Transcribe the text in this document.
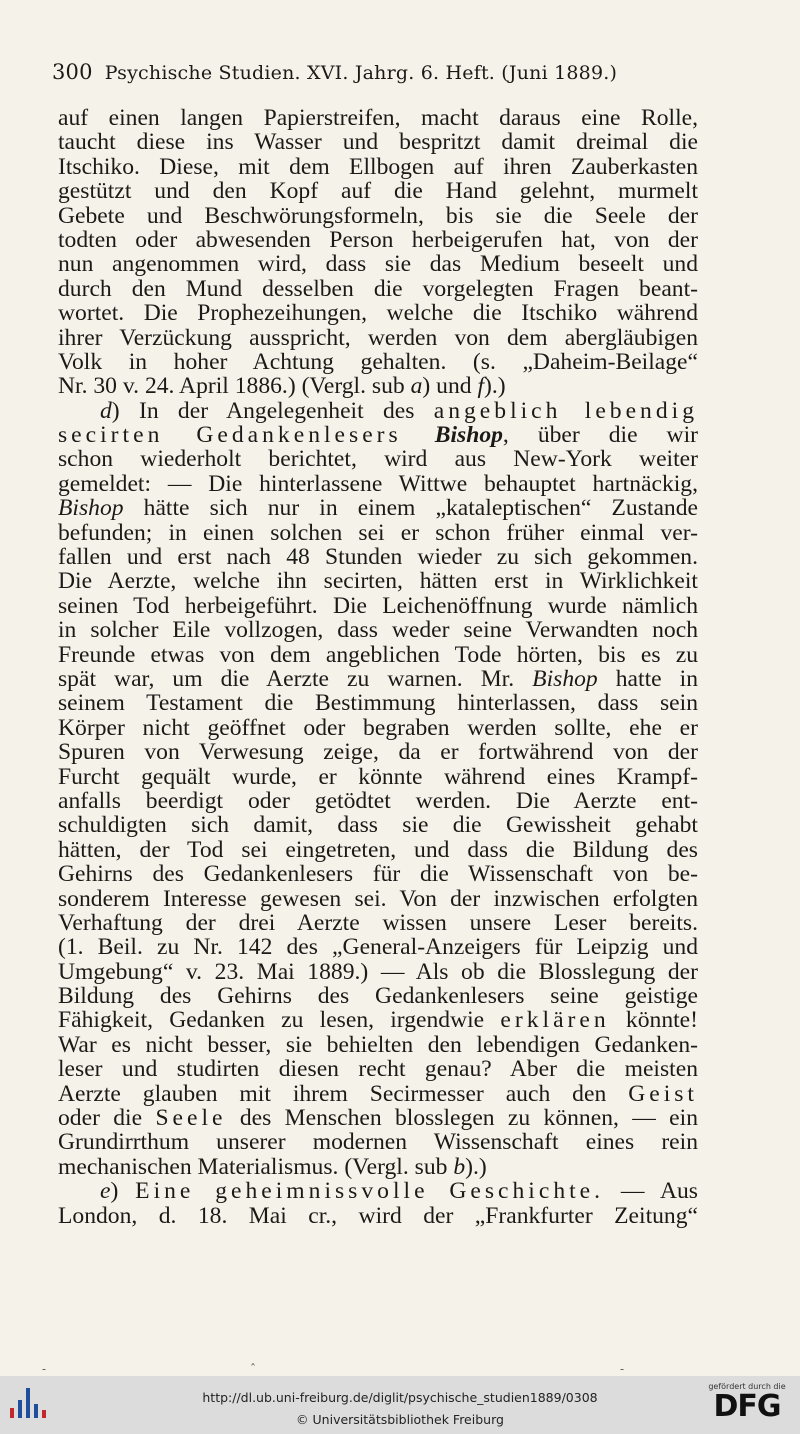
300 Psychische Studien. XVI. Jahrg. 6. Heft. (Juni 1889.)
auf einen langen Papierstreifen, macht daraus eine Rolle,
taucht diese ins Wasser und bespritzt damit dreimal die
Itschiko. Diese, mit dem Ellbogen auf ihren Zauberkasten
gestützt und den Kopf auf die Hand gelehnt, murmelt
Gebete und Beschwörungsformeln, bis sie die Seele der
todten oder abwesenden Person herbeigerufen hat, von der
nun angenommen wird, dass sie das Medium beseelt und
durch den Mund desselben die vorgelegten Fragen beant-
wortet. Die Prophezeihungen, welche die Itschiko während
ihrer Verzückung ausspricht, werden von dem abergläubigen
Volk in hoher Achtung gehalten. (s. „Daheim-Beilage“
Nr. 30 v. 24. April 1886.) (Vergl. sub a) und f).)
d) In der Angelegenheit des angeblich lebendig
secirten Gedankenlesers Bishop, über die wir
schon wiederholt berichtet, wird aus New-York weiter
gemeldet: — Die hinterlassene Wittwe behauptet hartnäckig,
Bishop hätte sich nur in einem „kataleptischen“ Zustande
befunden; in einen solchen sei er schon früher einmal ver-
fallen und erst nach 48 Stunden wieder zu sich gekommen.
Die Aerzte, welche ihn secirten, hätten erst in Wirklichkeit
seinen Tod herbeigeführt. Die Leichenöffnung wurde nämlich
in solcher Eile vollzogen, dass weder seine Verwandten noch
Freunde etwas von dem angeblichen Tode hörten, bis es zu
spät war, um die Aerzte zu warnen. Mr. Bishop hatte in
seinem Testament die Bestimmung hinterlassen, dass sein
Körper nicht geöffnet oder begraben werden sollte, ehe er
Spuren von Verwesung zeige, da er fortwährend von der
Furcht gequält wurde, er könnte während eines Krampf-
anfalls beerdigt oder getödtet werden. Die Aerzte ent-
schuldigten sich damit, dass sie die Gewissheit gehabt
hätten, der Tod sei eingetreten, und dass die Bildung des
Gehirns des Gedankenlesers für die Wissenschaft von be-
sonderem Interesse gewesen sei. Von der inzwischen erfolgten
Verhaftung der drei Aerzte wissen unsere Leser bereits.
(1. Beil. zu Nr. 142 des „General-Anzeigers für Leipzig und
Umgebung“ v. 23. Mai 1889.) — Als ob die Blosslegung der
Bildung des Gehirns des Gedankenlesers seine geistige
Fähigkeit, Gedanken zu lesen, irgendwie erklären könnte!
War es nicht besser, sie behielten den lebendigen Gedanken-
leser und studirten diesen recht genau? Aber die meisten
Aerzte glauben mit ihrem Secirmesser auch den Geist
oder die Seele des Menschen blosslegen zu können, — ein
Grundirrthum unserer modernen Wissenschaft eines rein
mechanischen Materialismus. (Vergl. sub b).)
e) Eine geheimnissvolle Geschichte. — Aus
London, d. 18. Mai cr., wird der „Frankfurter Zeitung“
-	ˆ	-
http://dl.ub.uni-freiburg.de/diglit/psychische_studien1889/0308
© Universitätsbibliothek Freiburg
gefördert durch die
DFG
